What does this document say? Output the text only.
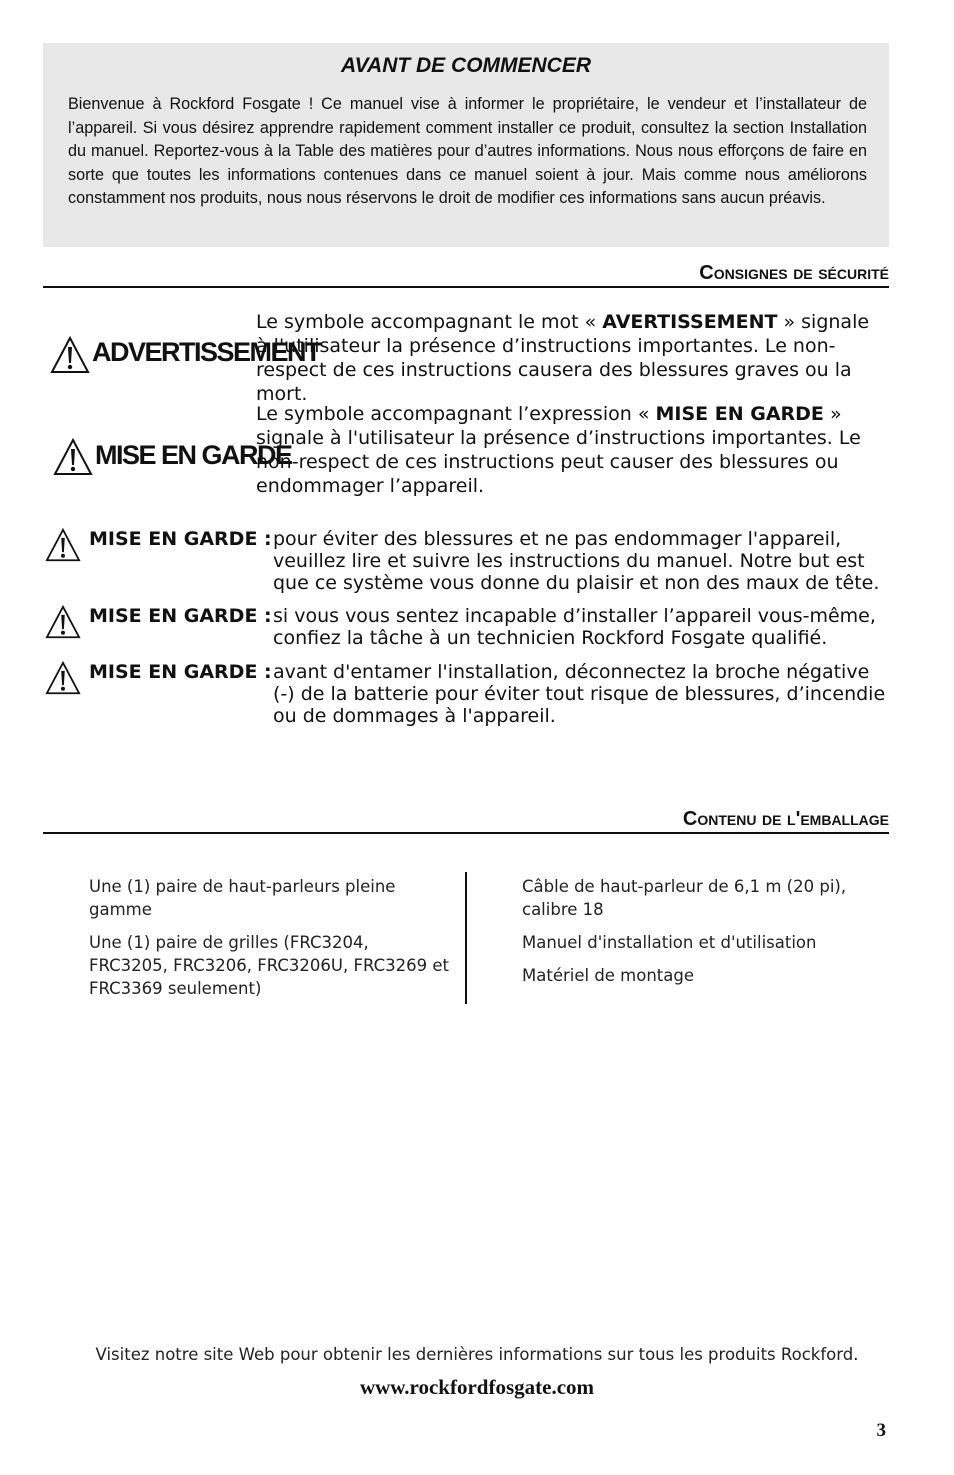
AVANT DE COMMENCER
Bienvenue à Rockford Fosgate ! Ce manuel vise à informer le propriétaire, le vendeur et l’installateur de l’appareil. Si vous désirez apprendre rapidement comment installer ce produit, consultez la section Installation du manuel. Reportez-vous à la Table des matières pour d’autres informations. Nous nous efforçons de faire en sorte que toutes les informations contenues dans ce manuel soient à jour. Mais comme nous améliorons constamment nos produits, nous nous réservons le droit de modifier ces informations sans aucun préavis.
Consignes de sécurité
ADVERTISSEMENT
Le symbole accompagnant le mot « AVERTISSEMENT » signale à l'utilisateur la présence d’instructions importantes. Le non-respect de ces instructions causera des blessures graves ou la mort.
MISE EN GARDE
Le symbole accompagnant l’expression « MISE EN GARDE » signale à l'utilisateur la présence d’instructions importantes. Le non-respect de ces instructions peut causer des blessures ou endommager l’appareil.
MISE EN GARDE : pour éviter des blessures et ne pas endommager l'appareil, veuillez lire et suivre les instructions du manuel. Notre but est que ce système vous donne du plaisir et non des maux de tête.
MISE EN GARDE : si vous vous sentez incapable d’installer l’appareil vous-même, confiez la tâche à un technicien Rockford Fosgate qualifié.
MISE EN GARDE : avant d'entamer l'installation, déconnectez la broche négative (-) de la batterie pour éviter tout risque de blessures, d’incendie ou de dommages à l'appareil.
Contenu de l'emballage

Une (1) paire de haut-parleurs pleine gamme

Une (1) paire de grilles (FRC3204, FRC3205, FRC3206, FRC3206U, FRC3269 et FRC3369 seulement)

Câble de haut-parleur de 6,1 m (20 pi), calibre 18

Manuel d'installation et d'utilisation

Matériel de montage

Visitez notre site Web pour obtenir les dernières informations sur tous les produits Rockford.
www.rockfordfosgate.com
3
